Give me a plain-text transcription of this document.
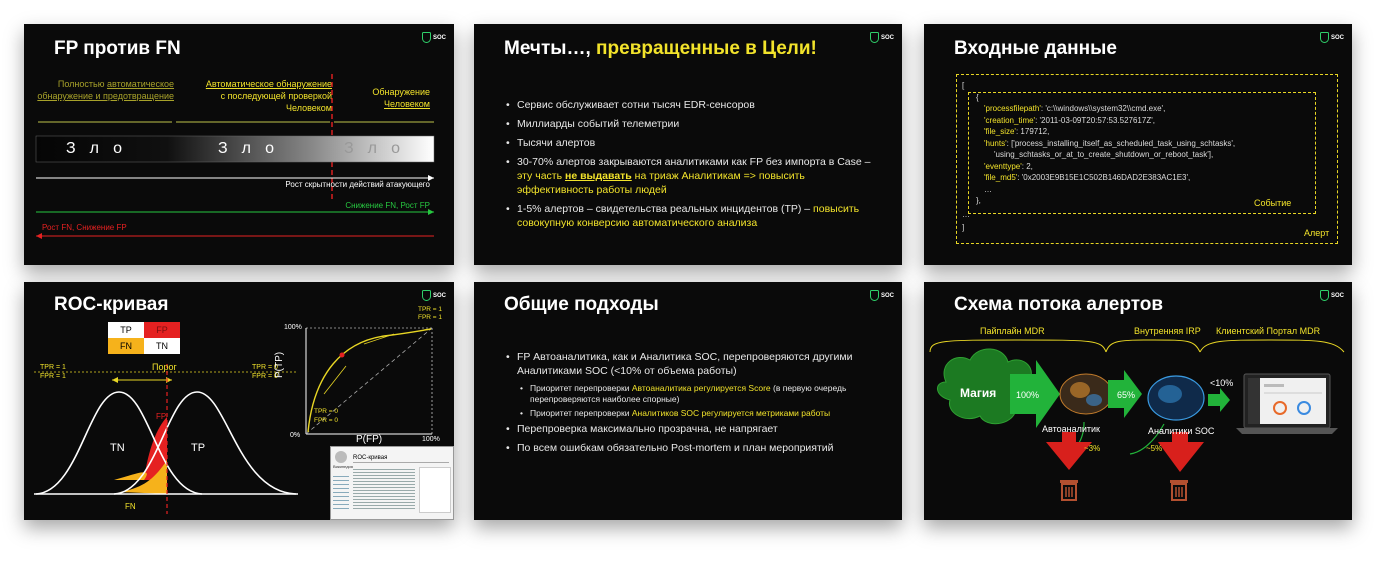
SOC
FP против FN
Полностью автоматическое обнаружение и предотвращение
Автоматическое обнаружение
с последующей проверкой
Человеком
Обнаружение
Человеком
Зло	Зло	Зло
Рост скрытности действий атакующего
Снижение FN, Рост FP
Рост FN, Снижение FP
SOC
Мечты…, превращенные в Цели!
• Сервис обслуживает сотни тысяч EDR-сенсоров
• Миллиарды событий телеметрии
• Тысячи алертов
• 30-70% алертов закрываются аналитиками как FP без импорта в Case – эту часть не выдавать на триаж Аналитикам => повысить эффективность работы людей
• 1-5% алертов – свидетельства реальных инцидентов (TP) – повысить совокупную конверсию автоматического анализа
SOC
Входные данные
[
{
'processfilepath': 'c:\\windows\\system32\\cmd.exe',
'creation_time': '2011-03-09T20:57:53.527617Z',
'file_size': 179712,
'hunts': ['process_installing_itself_as_scheduled_task_using_schtasks',
'using_schtasks_or_at_to_create_shutdown_or_reboot_task'],
'eventtype': 2,
'file_md5': '0x2003E9B15E1C502B146DAD2E383AC1E3',
…
},
…
]
Событие
Алерт
SOC
ROC-кривая
TP	FP
FN	TN
Порог
TPR = 1
FPR = 1
TPR = 0
FPR = 0
TN	TP
FP
FN
100%
0%
100%
P(TP)
P(FP)
TPR = 1
FPR = 1
TPR = 0
FPR = 0
Википедия
ROC-кривая
SOC
Общие подходы
• FP Автоаналитика, как и Аналитика SOC, перепроверяются другими Аналитиками SOC (<10% от объема работы)
• Приоритет перепроверки Автоаналитика регулируется Score (в первую очередь перепроверяются наиболее спорные)
• Приоритет перепроверки Аналитиков SOC регулируется метриками работы
• Перепроверка максимально прозрачна, не напрягает
• По всем ошибкам обязательно Post-mortem и план мероприятий
SOC
Схема потока алертов
Пайплайн MDR	Внутренняя IRP Клиентский Портал MDR
Магия 100%	65%
<10%
Автоаналитик	Аналитики SOC
~3%	~5%
